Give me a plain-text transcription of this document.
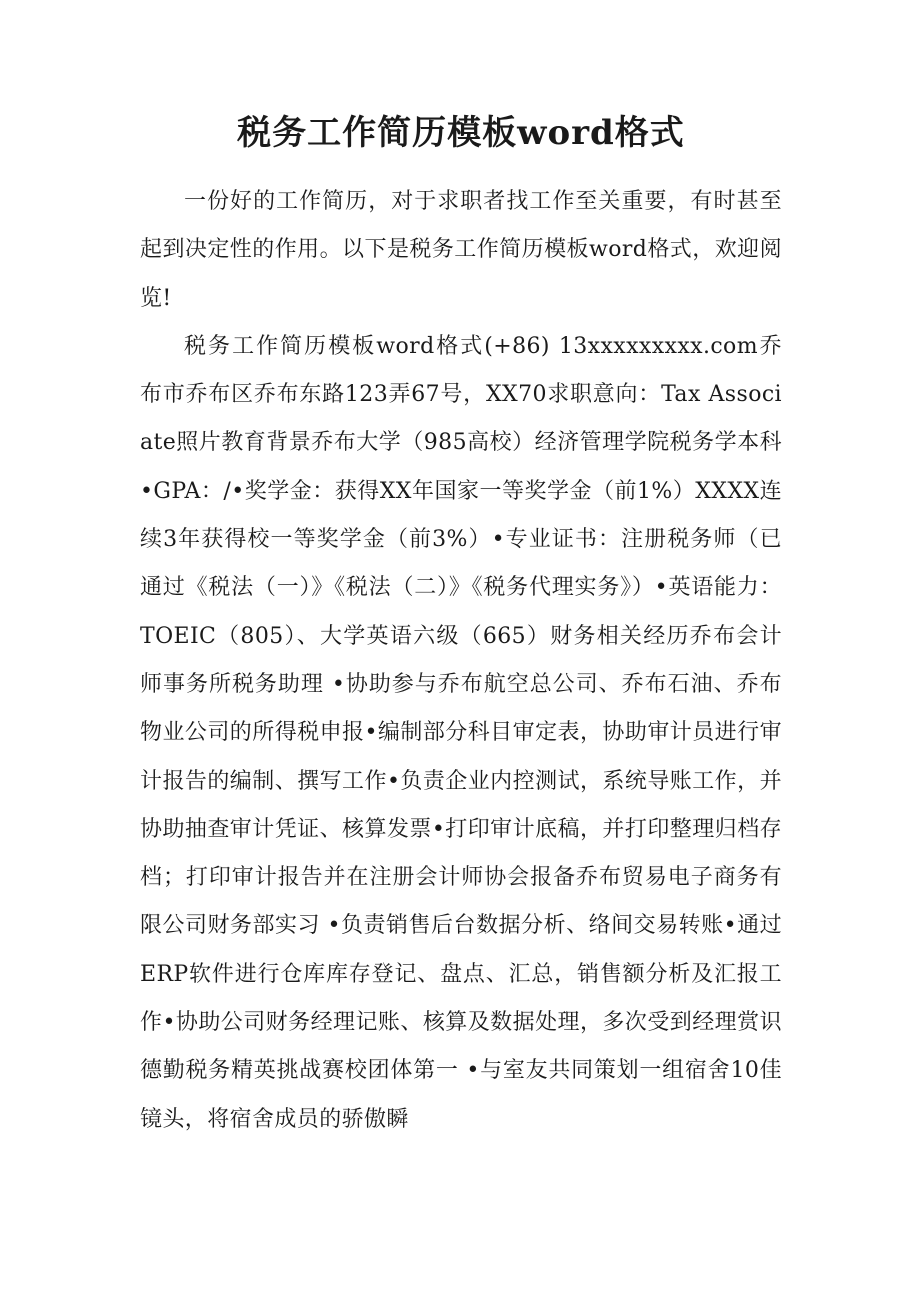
税务工作简历模板word格式

一份好的工作简历，对于求职者找工作至关重要，有时甚至起到决定性的作用。以下是税务工作简历模板word格式，欢迎阅览!

税务工作简历模板word格式(+86) 13xxxxxxxxx.com乔布市乔布区乔布东路123弄67号，XX70求职意向：Tax Associate照片教育背景乔布大学（985高校）经济管理学院税务学本科 •GPA：/•奖学金：获得XX年国家一等奖学金（前1%）XXXX连续3年获得校一等奖学金（前3%）•专业证书：注册税务师（已通过《税法（一）》《税法（二）》《税务代理实务》）•英语能力：TOEIC（805）、大学英语六级（665）财务相关经历乔布会计师事务所税务助理 •协助参与乔布航空总公司、乔布石油、乔布物业公司的所得税申报•编制部分科目审定表，协助审计员进行审计报告的编制、撰写工作•负责企业内控测试，系统导账工作，并协助抽查审计凭证、核算发票•打印审计底稿，并打印整理归档存档；打印审计报告并在注册会计师协会报备乔布贸易电子商务有限公司财务部实习 •负责销售后台数据分析、络间交易转账•通过ERP软件进行仓库库存登记、盘点、汇总，销售额分析及汇报工作•协助公司财务经理记账、核算及数据处理，多次受到经理赏识德勤税务精英挑战赛校团体第一 •与室友共同策划一组宿舍10佳镜头，将宿舍成员的骄傲瞬
